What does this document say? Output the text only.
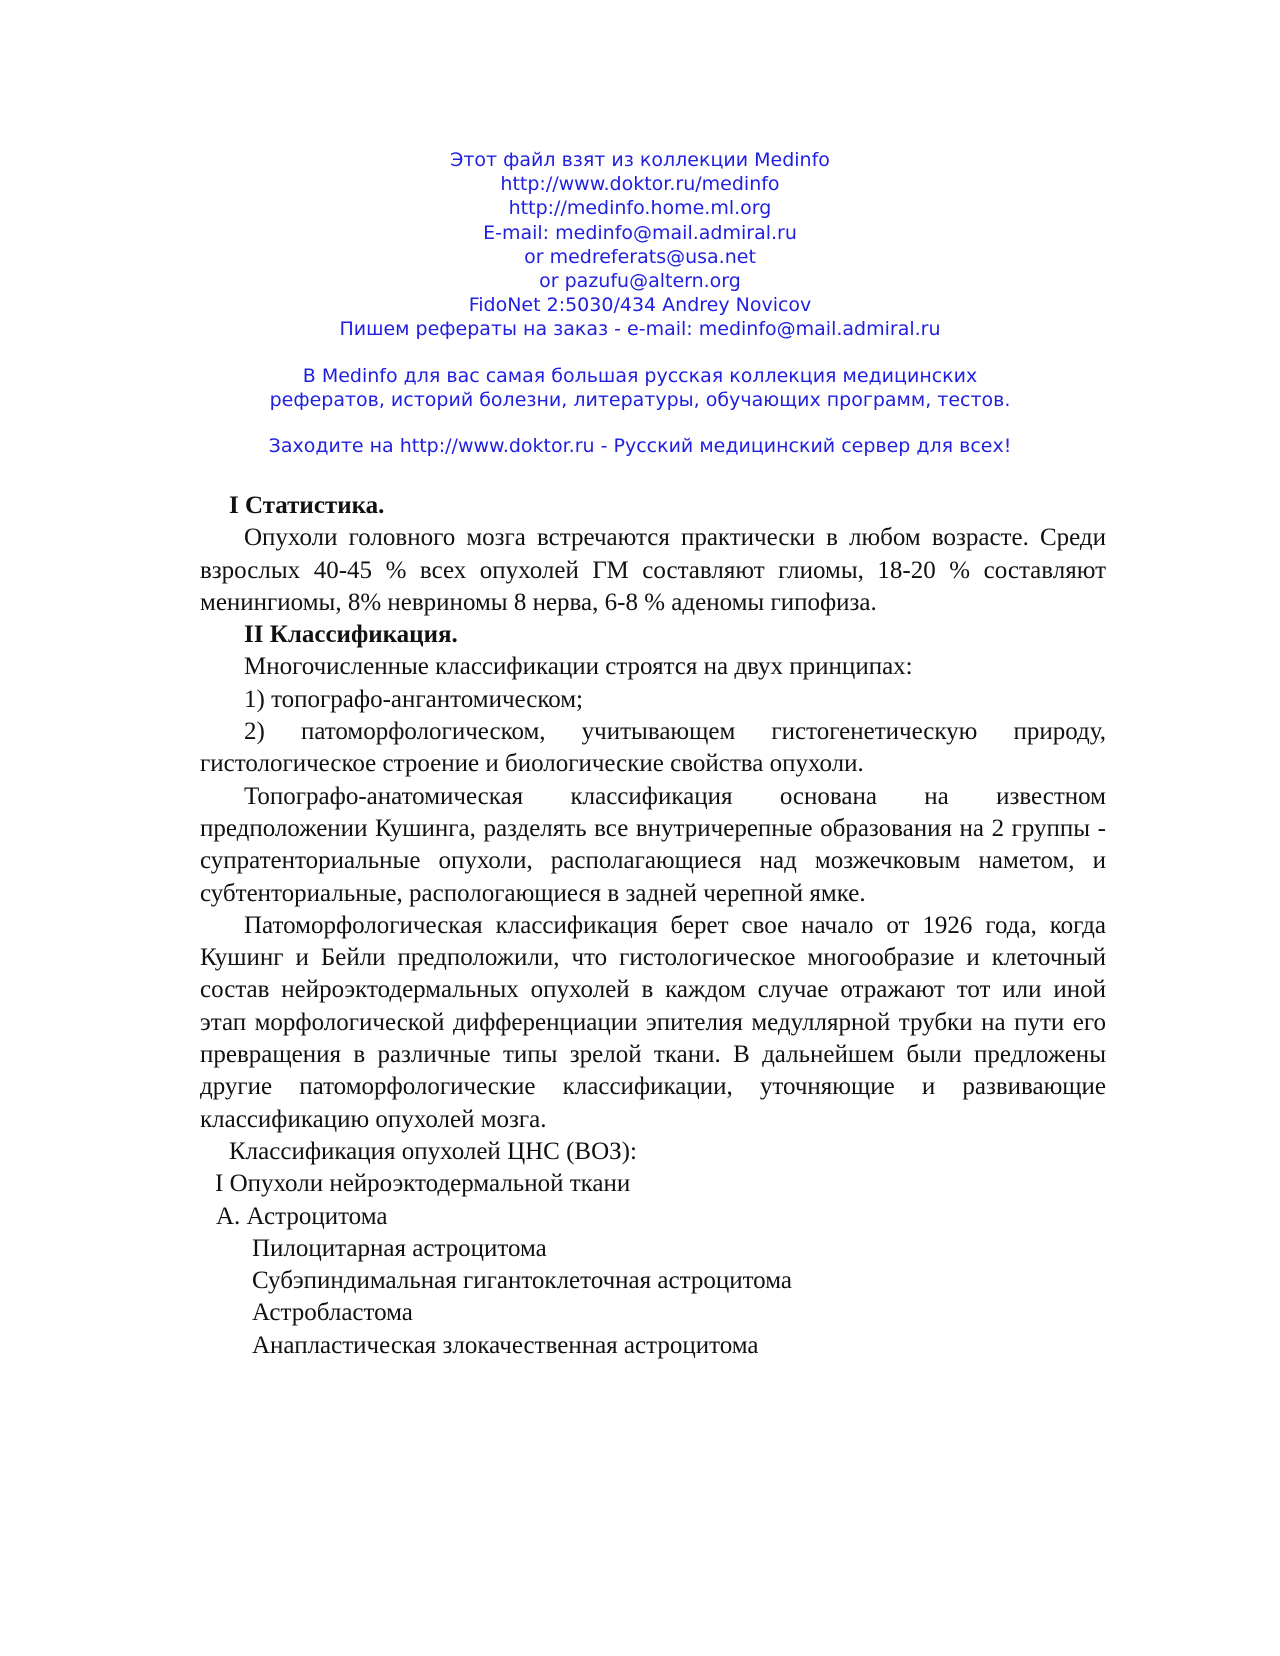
Этот файл взят из коллекции Medinfo
http://www.doktor.ru/medinfo
http://medinfo.home.ml.org
E-mail: medinfo@mail.admiral.ru
or medreferats@usa.net
or pazufu@altern.org
FidoNet 2:5030/434 Andrey Novicov
Пишем рефераты на заказ - e-mail: medinfo@mail.admiral.ru
В Medinfo для вас самая большая русская коллекция медицинских
рефератов, историй болезни, литературы, обучающих программ, тестов.
Заходите на http://www.doktor.ru - Русский медицинский сервер для всех!

I Статистика.

Опухоли головного мозга встречаются практически в любом возрасте. Среди взрослых 40-45 % всех опухолей ГМ составляют глиомы, 18-20 % составляют менингиомы, 8% невриномы 8 нерва, 6-8 % аденомы гипофиза.

II Классификация.

Многочисленные классификации строятся на двух принципах:

1) топографо-ангантомическом;

2) патоморфологическом, учитывающем гистогенетическую природу, гистологическое строение и биологические свойства опухоли.

Топографо-анатомическая классификация основана на известном предположении Кушинга, разделять все внутричерепные образования на 2 группы - супратенториальные опухоли, располагающиеся над мозжечковым наметом, и субтенториальные, распологающиеся в задней черепной ямке.

Патоморфологическая классификация берет свое начало от 1926 года, когда Кушинг и Бейли предположили, что гистологическое многообразие и клеточный состав нейроэктодермальных опухолей в каждом случае отражают тот или иной этап морфологической дифференциации эпителия медуллярной трубки на пути его превращения в различные типы зрелой ткани. В дальнейшем были предложены другие патоморфологические классификации, уточняющие и развивающие классификацию опухолей мозга.

Классификация опухолей ЦНС (ВОЗ):

I Опухоли нейроэктодермальной ткани

А. Астроцитома

Пилоцитарная астроцитома

Субэпиндимальная гигантоклеточная астроцитома

Астробластома

Анапластическая злокачественная астроцитома
